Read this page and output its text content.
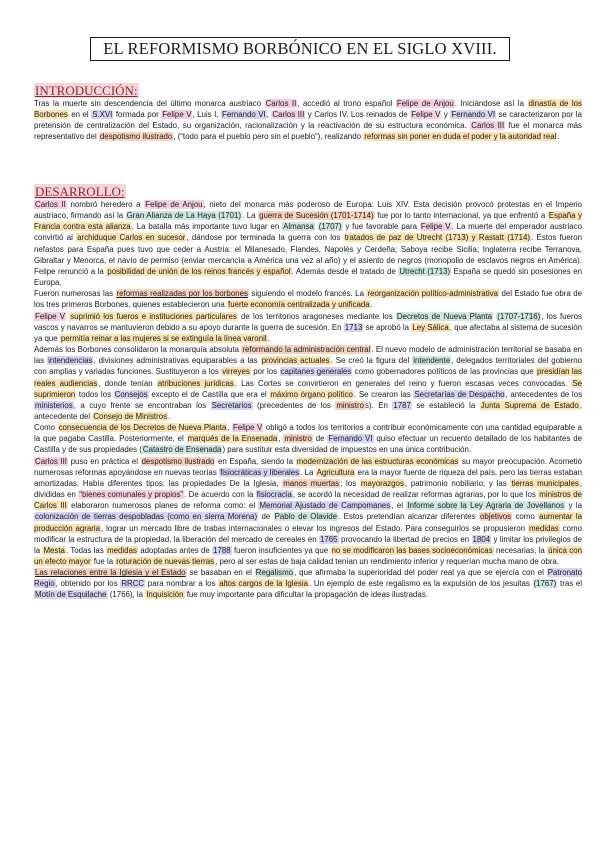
EL REFORMISMO BORBÓNICO EN EL SIGLO XVIII.
INTRODUCCIÓN:

Tras la muerte sin descendencia del último monarca austriaco Carlos II, accedió al trono español Felipe de Anjou. Iniciándose así la dinastía de los Borbones en el S.XVI formada por Felipe V, Luis I, Fernando VI, Carlos III y Carlos IV. Los reinados de Felipe V y Fernando VI se caracterizaron por la pretensión de centralización del Estado, su organización, racionalización y la reactivación de su estructura económica. Carlos III fue el monarca más representativo del despotismo ilustrado, (“todo para el pueblo pero sin el pueblo”), realizando reformas sin poner en duda el poder y la autoridad real.

DESARROLLO:

Carlos II nombró heredero a Felipe de Anjou, nieto del monarca más poderoso de Europa: Luis XIV. Esta decisión provocó protestas en el Imperio austriaco, firmando así la Gran Alianza de La Haya (1701). La guerra de Sucesión (1701-1714) fue por lo tanto internacional, ya que enfrentó a España y Francia contra esta alianza. La batalla más importante tuvo lugar en Almansa (1707) y fue favorable para Felipe V. La muerte del emperador austriaco convirtió al archiduque Carlos en sucesor, dándose por terminada la guerra con los tratados de paz de Utrecht (1713) y Rastatt (1714). Estos fueron nefastos para España pues tuvo que ceder a Austria: el Milanesado, Flandes, Napolés y Cerdeña; Saboya recibe Sicilia; Inglaterra recibe Terranova, Gibraltar y Menorca, el navío de permiso (enviar mercancía a América una vez al año) y el asiento de negros (monopolio de esclavos negros en América). Felipe renunció a la posibilidad de unión de los reinos francés y español. Además desde el tratado de Utrecht (1713) España se quedó sin posesiones en Europa.

Fueron numerosas las reformas realizadas por los borbones siguiendo el modelo francés. La reorganización político-administrativa del Estado fue obra de los tres primeros Borbones, quienes establecieron una fuerte economía centralizada y unificada.

Felipe V suprimió los fueros e instituciones particulares de los territorios aragoneses mediante los Decretos de Nueva Planta (1707-1716), los fueros vascos y navarros se mantuvieron debido a su apoyo durante la guerra de sucesión. En 1713 se aprobó la Ley Sálica, que afectaba al sistema de sucesión ya que permitía reinar a las mujeres si se extinguía la línea varonil.

Además los Borbones consolidaron la monarquía absoluta reformando la administración central. El nuevo modelo de administración territorial se basaba en las intendencias, divisiones administrativas equiparables a las provincias actuales. Se creó la figura del intendente, delegados territoriales del gobierno con amplias y variadas funciones. Sustituyeron a los virreyes por los capitanes generales como gobernadores políticos de las provincias que presidían las reales audiencias, donde tenían atribuciones jurídicas. Las Cortes se convirtieron en generales del reino y fueron escasas veces convocadas. Se suprimieron todos los Consejos excepto el de Castilla que era el máximo órgano político. Se crearon las Secretarías de Despacho, antecedentes de los ministerios, a cuyo frente se encontraban los Secretarios (precedentes de los ministros). En 1787 se estableció la Junta Suprema de Estado, antecedente del Consejo de Ministros.

Como consecuencia de los Decretos de Nueva Planta, Felipe V obligó a todos los territorios a contribuir económicamente con una cantidad equiparable a la que pagaba Castilla. Posteriormente, el marqués de la Ensenada, ministro de Fernando VI quiso efectuar un recuento detallado de los habitantes de Castilla y de sus propiedades (Catastro de Ensenada) para sustituir esta diversidad de impuestos en una única contribución.

Carlos III puso en práctica el despotismo ilustrado en España, siendo la modernización de las estructuras económicas su mayor preocupación. Acometió numerosas reformas apoyándose en nuevas teorías fisiocráticas y liberales. La Agricultura era la mayor fuente de riqueza del país, pero las tierras estaban amortizadas. Había diferentes tipos: las propiedades De la Iglesia, manos muertas; los mayorazgos, patrimonio nobiliario; y las tierras municipales, divididas en “bienes comunales y propios”. De acuerdo con la fisiocracia, se acordó la necesidad de realizar reformas agrarias, por lo que los ministros de Carlos III elaboraron numerosos planes de reforma como: el Memorial Ajustado de Campomanes, el Informe sobre la Ley Agraria de Jovellanos y la colonización de tierras despobladas (como en sierra Morena) de Pablo de Olavide. Estos pretendían alcanzar diferentes objetivos como aumentar la producción agraria, lograr un mercado libre de trabas internacionales o elevar los ingresos del Estado. Para conseguirlos se propusieron medidas como modificar la estructura de la propiedad, la liberación del mercado de cereales en 1765 provocando la libertad de precios en 1804 y limitar los privilegios de la Mesta. Todas las medidas adoptadas antes de 1788 fueron insuficientes ya que no se modificaron las bases socioeconómicas necesarias, la única con un efecto mayor fue la roturación de nuevas tierras, pero al ser estas de baja calidad tenían un rendimiento inferior y requerían mucha mano de obra.

Las relaciones entre la Iglesia y el Estado se basaban en el Regalismo, que afirmaba la superioridad del poder real ya que se ejercía con el Patronato Regio, obtenido por los RRCC para nombrar a los altos cargos de la Iglesia. Un ejemplo de este regalismo es la expulsión de los jesuitas (1767) tras el Motín de Esquilache (1766), la Inquisición fue muy importante para dificultar la propagación de ideas ilustradas.
